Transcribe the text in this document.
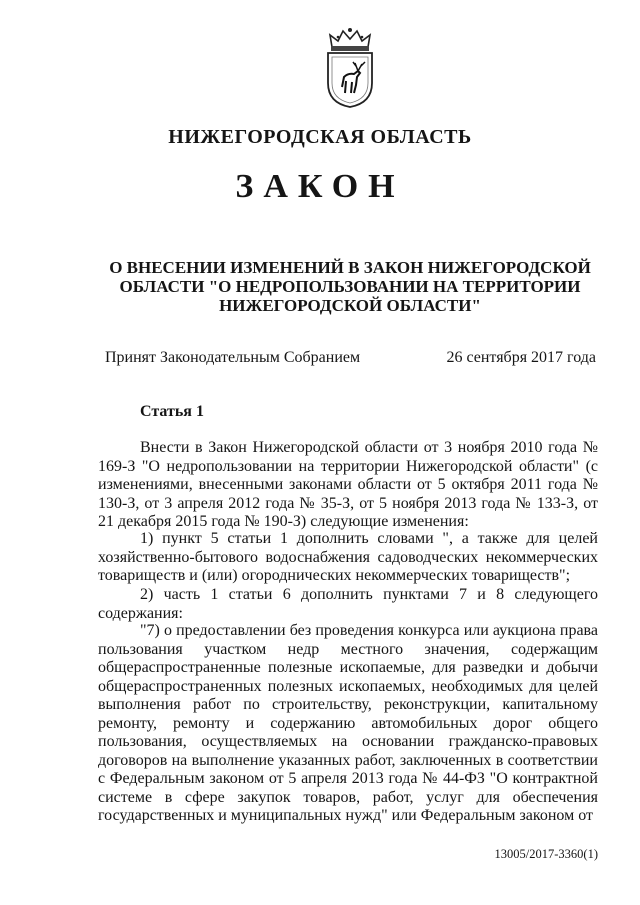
НИЖЕГОРОДСКАЯ ОБЛАСТЬ
ЗАКОН
О ВНЕСЕНИИ ИЗМЕНЕНИЙ В ЗАКОН НИЖЕГОРОДСКОЙ ОБЛАСТИ "О НЕДРОПОЛЬЗОВАНИИ НА ТЕРРИТОРИИ НИЖЕГОРОДСКОЙ ОБЛАСТИ"
Принят Законодательным Собранием	26 сентября 2017 года
Статья 1

Внести в Закон Нижегородской области от 3 ноября 2010 года № 169-З "О недропользовании на территории Нижегородской области" (с изменениями, внесенными законами области от 5 октября 2011 года № 130-З, от 3 апреля 2012 года № 35-З, от 5 ноября 2013 года № 133-З, от 21 декабря 2015 года № 190-З) следующие изменения:

1) пункт 5 статьи 1 дополнить словами ", а также для целей хозяйственно-бытового водоснабжения садоводческих некоммерческих товариществ и (или) огороднических некоммерческих товариществ";

2) часть 1 статьи 6 дополнить пунктами 7 и 8 следующего содержания:

"7) о предоставлении без проведения конкурса или аукциона права пользования участком недр местного значения, содержащим общераспространенные полезные ископаемые, для разведки и добычи общераспространенных полезных ископаемых, необходимых для целей выполнения работ по строительству, реконструкции, капитальному ремонту, ремонту и содержанию автомобильных дорог общего пользования, осуществляемых на основании гражданско-правовых договоров на выполнение указанных работ, заключенных в соответствии с Федеральным законом от 5 апреля 2013 года № 44-ФЗ "О контрактной системе в сфере закупок товаров, работ, услуг для обеспечения государственных и муниципальных нужд" или Федеральным законом от

13005/2017-3360(1)
